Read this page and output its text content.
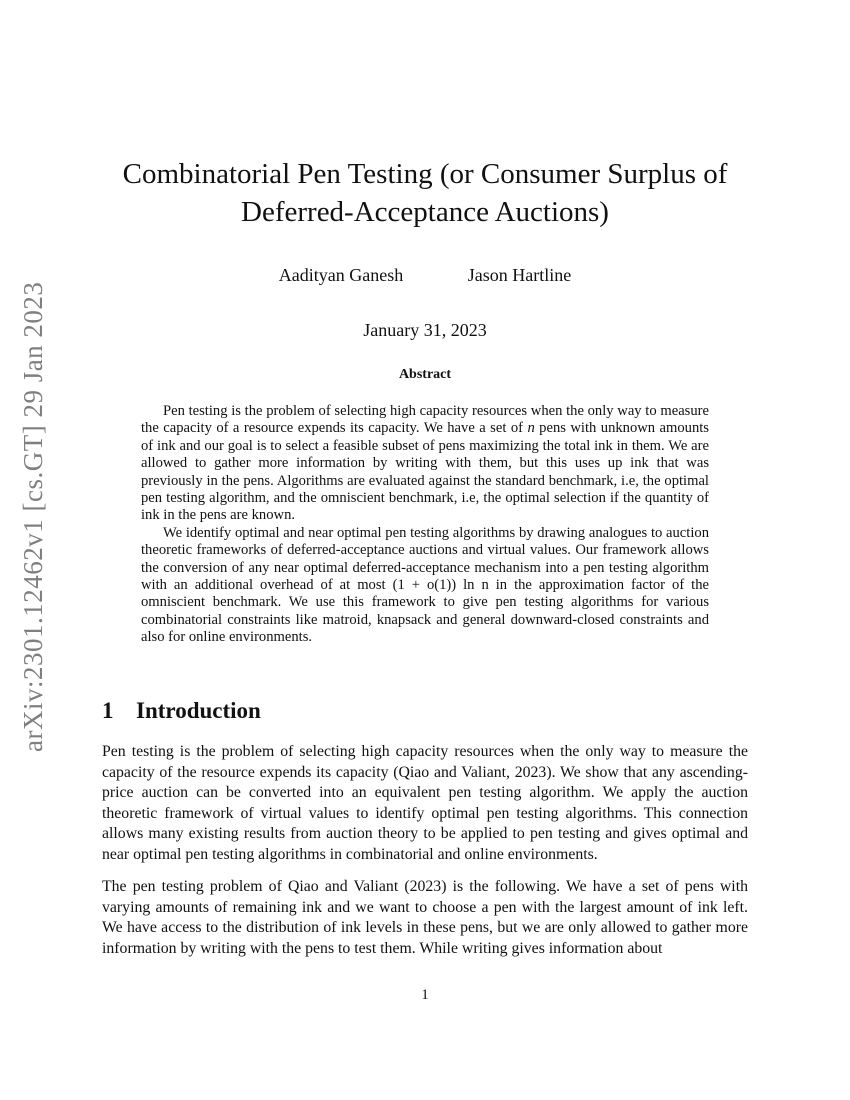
arXiv:2301.12462v1 [cs.GT] 29 Jan 2023
Combinatorial Pen Testing (or Consumer Surplus of
Deferred-Acceptance Auctions)
Aadityan Ganesh	Jason Hartline
January 31, 2023
Abstract

Pen testing is the problem of selecting high capacity resources when the only way to measure the capacity of a resource expends its capacity. We have a set of n pens with unknown amounts of ink and our goal is to select a feasible subset of pens maximizing the total ink in them. We are allowed to gather more information by writing with them, but this uses up ink that was previously in the pens. Algorithms are evaluated against the standard benchmark, i.e, the optimal pen testing algorithm, and the omniscient benchmark, i.e, the optimal selection if the quantity of ink in the pens are known.

We identify optimal and near optimal pen testing algorithms by drawing analogues to auction theoretic frameworks of deferred-acceptance auctions and virtual values. Our framework allows the conversion of any near optimal deferred-acceptance mechanism into a pen testing algorithm with an additional overhead of at most (1 + o(1)) ln n in the approximation factor of the omniscient benchmark. We use this framework to give pen testing algorithms for various combinatorial constraints like matroid, knapsack and general downward-closed constraints and also for online environments.

1 Introduction

Pen testing is the problem of selecting high capacity resources when the only way to measure the capacity of the resource expends its capacity (Qiao and Valiant, 2023). We show that any ascending-price auction can be converted into an equivalent pen testing algorithm. We apply the auction theoretic framework of virtual values to identify optimal pen testing algorithms. This connection allows many existing results from auction theory to be applied to pen testing and gives optimal and near optimal pen testing algorithms in combinatorial and online environments.

The pen testing problem of Qiao and Valiant (2023) is the following. We have a set of pens with varying amounts of remaining ink and we want to choose a pen with the largest amount of ink left. We have access to the distribution of ink levels in these pens, but we are only allowed to gather more information by writing with the pens to test them. While writing gives information about

1
